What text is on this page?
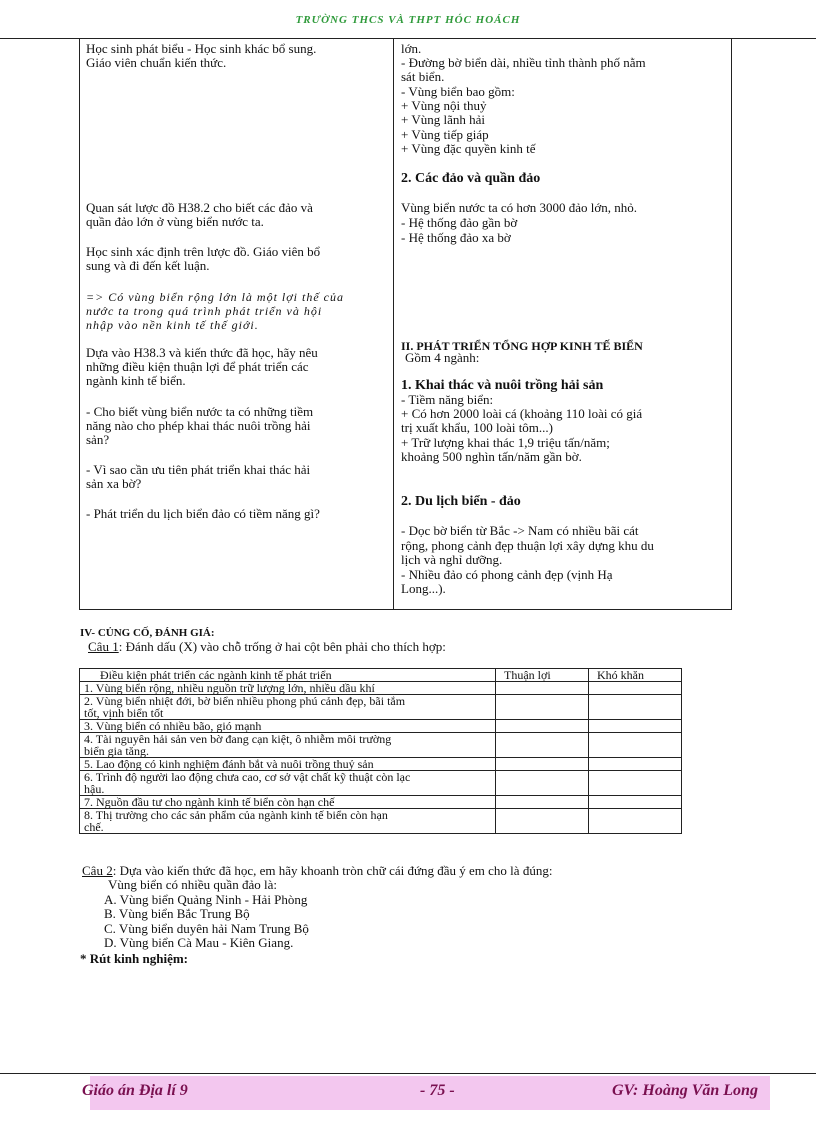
TRƯỜNG THCS VÀ THPT HÓC HOÁCH
Học sinh phát biểu - Học sinh khác bổ sung.
Giáo viên chuẩn kiến thức.
Quan sát lược đồ H38.2 cho biết các đảo và
quần đảo lớn ở vùng biển nước ta.
Học sinh xác định trên lược đồ. Giáo viên bổ
sung và đi đến kết luận.
=> Có vùng biển rộng lớn là một lợi thế của
nước ta trong quá trình phát triển và hội
nhập vào nền kinh tế thế giới.
Dựa vào H38.3 và kiến thức đã học, hãy nêu
những điều kiện thuận lợi để phát triển các
ngành kinh tế biển.
- Cho biết vùng biển nước ta có những tiềm
năng nào cho phép khai thác nuôi trồng hải
sản?
- Vì sao cần ưu tiên phát triển khai thác hải
sản xa bờ?
- Phát triển du lịch biển đảo có tiềm năng gì?
lớn.
- Đường bờ biển dài, nhiều tỉnh thành phố nằm
sát biển.
- Vùng biển bao gồm:
+ Vùng nội thuỷ
+ Vùng lãnh hải
+ Vùng tiếp giáp
+ Vùng đặc quyền kinh tế
2. Các đảo và quần đảo
Vùng biển nước ta có hơn 3000 đảo lớn, nhỏ.
- Hệ thống đảo gần bờ
- Hệ thống đảo xa bờ
II. PHÁT TRIỂN TỔNG HỢP KINH TẾ BIỂN
Gồm 4 ngành:
1. Khai thác và nuôi trồng hải sản
- Tiềm năng biển:
+ Có hơn 2000 loài cá (khoảng 110 loài có giá
trị xuất khẩu, 100 loài tôm...)
+ Trữ lượng khai thác 1,9 triệu tấn/năm;
khoảng 500 nghìn tấn/năm gần bờ.
2. Du lịch biển - đảo
- Dọc bờ biển từ Bắc -> Nam có nhiều bãi cát
rộng, phong cảnh đẹp thuận lợi xây dựng khu du
lịch và nghỉ dưỡng.
- Nhiều đảo có phong cảnh đẹp (vịnh Hạ
Long...).
IV- CỦNG CỐ, ĐÁNH GIÁ:
Câu 1: Đánh dấu (X) vào chỗ trống ở hai cột bên phải cho thích hợp:
Điều kiện phát triển các ngành kinh tế phát triển	Thuận lợi	Khó khăn

1. Vùng biển rộng, nhiều nguồn trữ lượng lớn, nhiều dầu khí		

2. Vùng biển nhiệt đới, bờ biển nhiều phong phú cảnh đẹp, bãi tắm
tốt, vịnh biển tốt		

3. Vùng biển có nhiều bão, gió mạnh		

4. Tài nguyên hải sản ven bờ đang cạn kiệt, ô nhiễm môi trường
biển gia tăng.		

5. Lao động có kinh nghiệm đánh bắt và nuôi trồng thuỷ sản		

6. Trình độ người lao động chưa cao, cơ sở vật chất kỹ thuật còn lạc
hậu.		

7. Nguồn đầu tư cho ngành kinh tế biển còn hạn chế		

8. Thị trường cho các sản phẩm của ngành kinh tế biển còn hạn
chế.		

Câu 2: Dựa vào kiến thức đã học, em hãy khoanh tròn chữ cái đứng đầu ý em cho là đúng:
Vùng biển có nhiều quần đảo là:
A. Vùng biển Quảng Ninh - Hải Phòng
B. Vùng biển Bắc Trung Bộ
C. Vùng biển duyên hải Nam Trung Bộ
D. Vùng biển Cà Mau - Kiên Giang.
* Rút kinh nghiệm:
Giáo án Địa lí 9	- 75 -	GV: Hoàng Văn Long
